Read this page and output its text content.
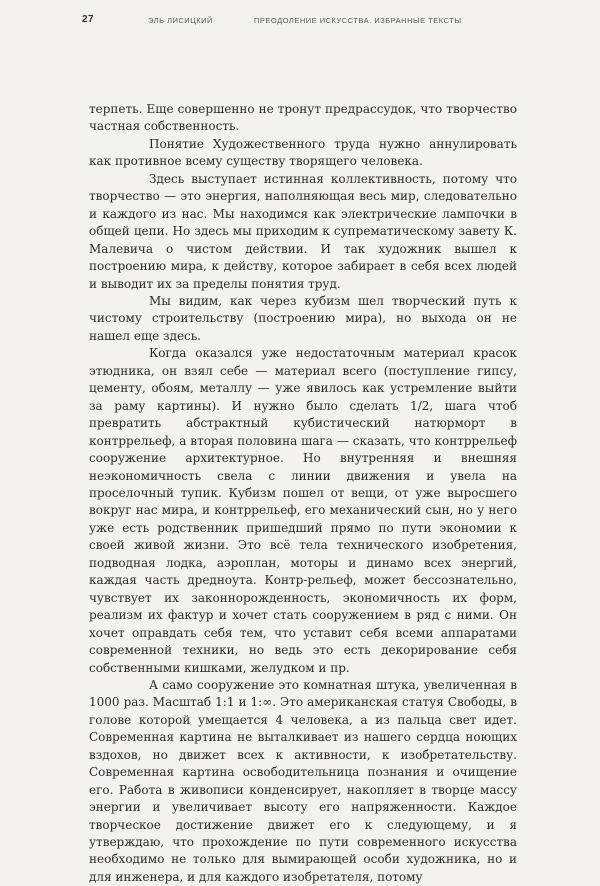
27	ЭЛЬ ЛИСИЦКИЙ	ПРЕОДОЛЕНИЕ ИСКУССТВА. ИЗБРАННЫЕ ТЕКСТЫ

терпеть. Еще совершенно не тронут предрассудок, что творчество частная собственность.

Понятие Художественного труда нужно аннулировать как противное всему существу творящего человека.

Здесь выступает истинная коллективность, потому что творчество — это энергия, наполняющая весь мир, следовательно и каждого из нас. Мы находимся как электрические лампочки в общей цепи. Но здесь мы приходим к супрематическому завету К. Малевича о чистом действии. И так художник вышел к построению мира, к действу, которое забирает в себя всех людей и выводит их за пределы понятия труд.

Мы видим, как через кубизм шел творческий путь к чистому строительству (построению мира), но выхода он не нашел еще здесь.

Когда оказался уже недостаточным материал красок этюдника, он взял себе — материал всего (поступление гипсу, цементу, обоям, металлу — уже явилось как устремление выйти за раму картины). И нужно было сделать 1/2, шага чтоб превратить абстрактный кубистический натюрморт в контррельеф, а вторая половина шага — сказать, что контррельеф сооружение архитектурное. Но внутренняя и внешняя неэкономичность свела с линии движения и увела на проселочный тупик. Кубизм пошел от вещи, от уже выросшего вокруг нас мира, и контррельеф, его механический сын, но у него уже есть родственник пришедший прямо по пути экономии к своей живой жизни. Это всё тела технического изобретения, подводная лодка, аэроплан, моторы и динамо всех энергий, каждая часть дредноута. Контр-рельеф, может бессознательно, чувствует их законнорожденность, экономичность их форм, реализм их фактур и хочет стать сооружением в ряд с ними. Он хочет оправдать себя тем, что уставит себя всеми аппаратами современной техники, но ведь это есть декорирование себя собственными кишками, желудком и пр.

А само сооружение это комнатная штука, увеличенная в 1000 раз. Масштаб 1:1 и 1:∞. Это американская статуя Свободы, в голове которой умещается 4 человека, а из пальца свет идет. Современная картина не выталкивает из нашего сердца ноющих вздохов, но движет всех к активности, к изобретательству. Современная картина освободительница познания и очищение его. Работа в живописи конденсирует, накопляет в творце массу энергии и увеличивает высоту его напряженности. Каждое творческое достижение движет его к следующему, и я утверждаю, что прохождение по пути современного искусства необходимо не только для вымирающей особи художника, но и для инженера, и для каждого изобретателя, потому
